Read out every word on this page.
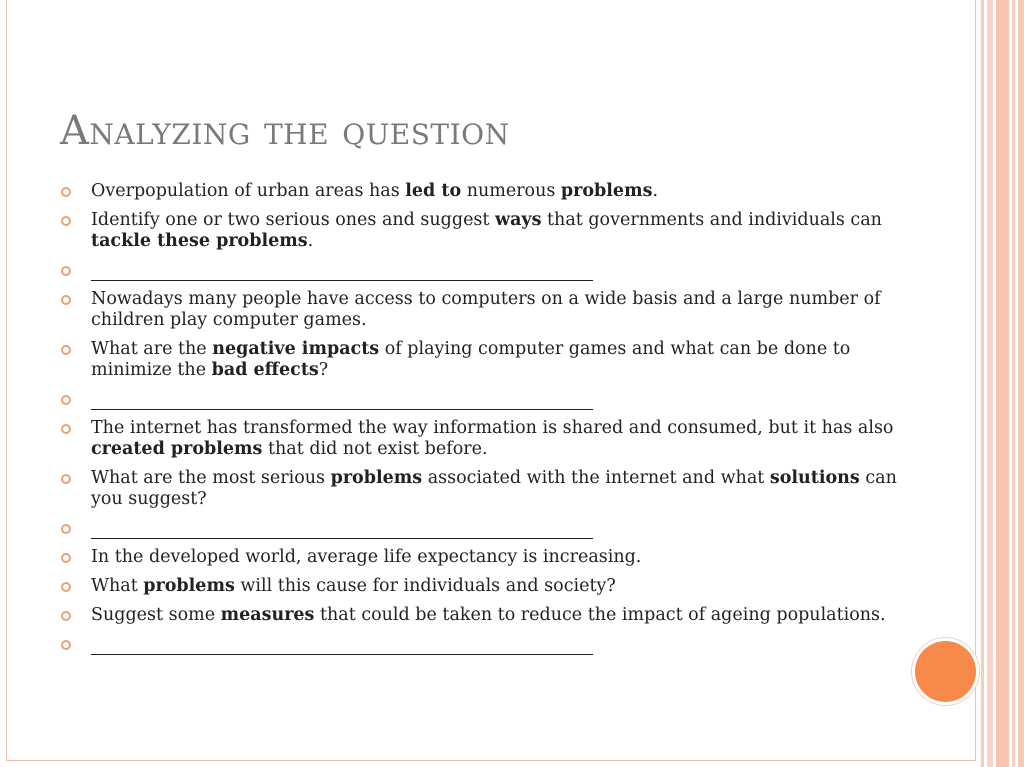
Analyzing the question
Overpopulation of urban areas has led to numerous problems.
Identify one or two serious ones and suggest ways that governments and individuals can tackle these problems.
Nowadays many people have access to computers on a wide basis and a large number of children play computer games.
What are the negative impacts of playing computer games and what can be done to minimize the bad effects?
The internet has transformed the way information is shared and consumed, but it has also created problems that did not exist before.
What are the most serious problems associated with the internet and what solutions can you suggest?
In the developed world, average life expectancy is increasing.
What problems will this cause for individuals and society?
Suggest some measures that could be taken to reduce the impact of ageing populations.
